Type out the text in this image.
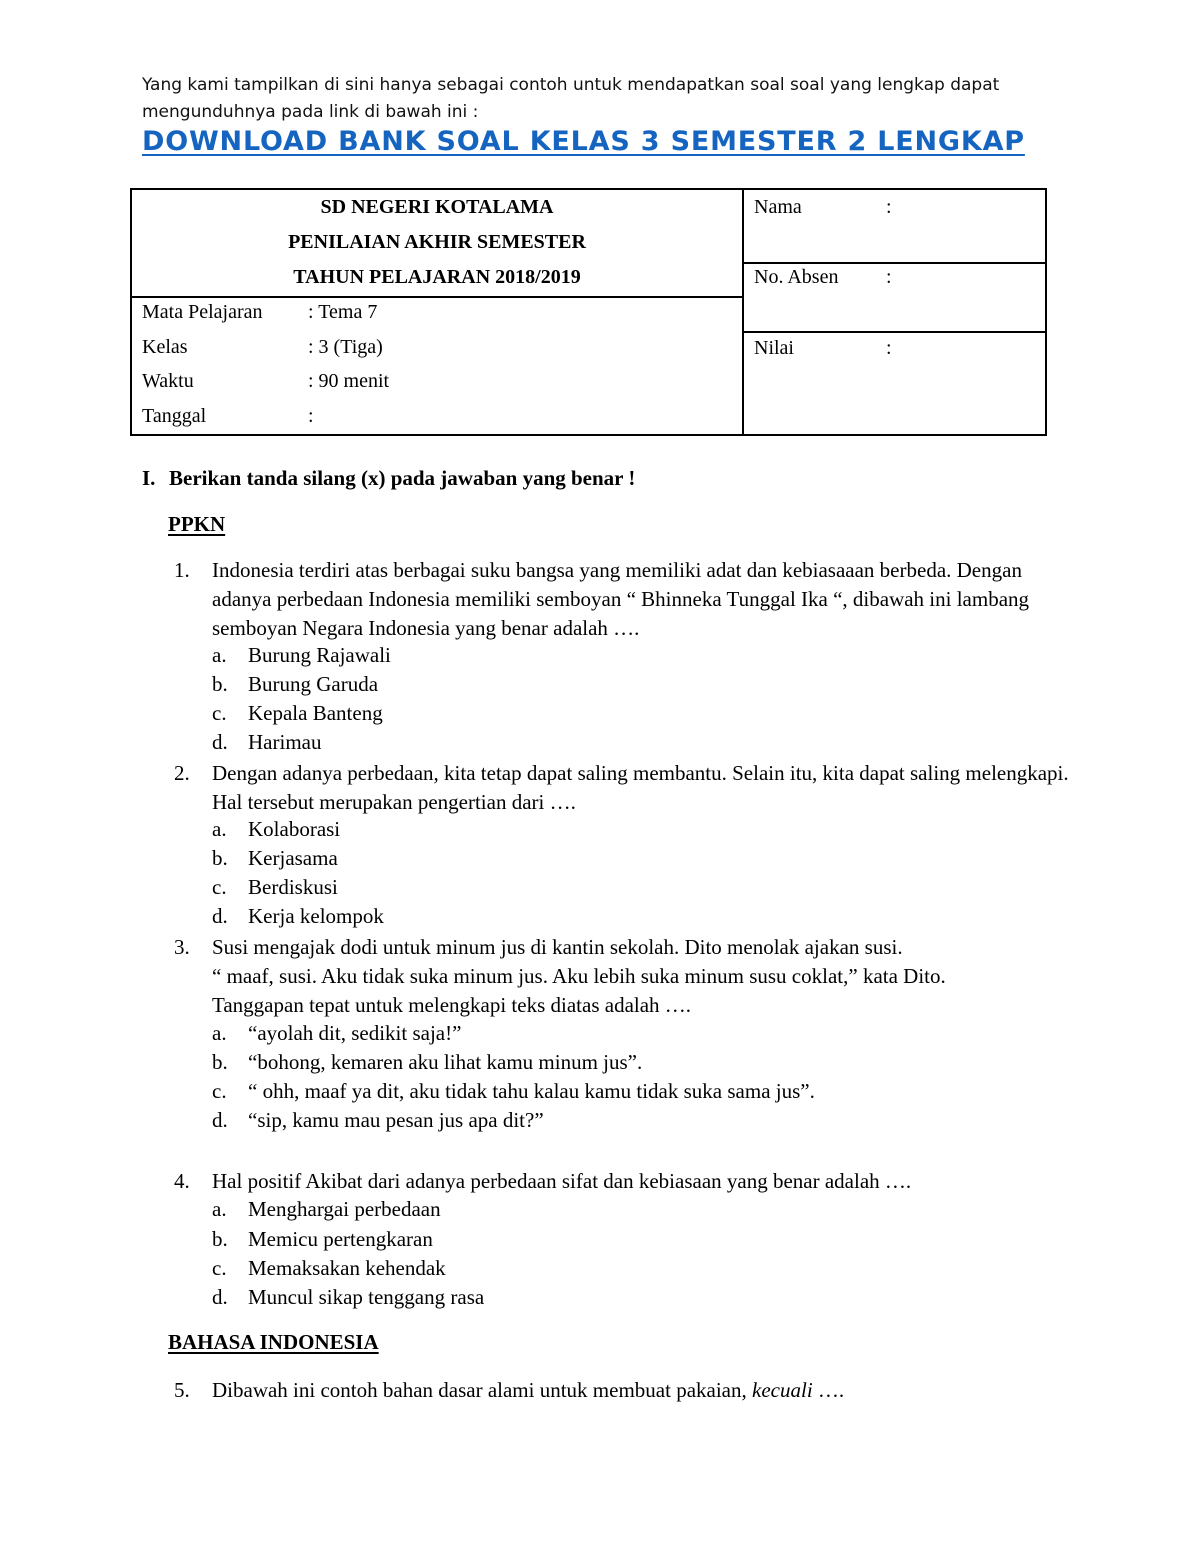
Yang kami tampilkan di sini hanya sebagai contoh untuk mendapatkan soal soal yang lengkap dapat mengunduhnya pada link di bawah ini :
DOWNLOAD BANK SOAL KELAS 3 SEMESTER 2 LENGKAP
SD NEGERI KOTALAMA
PENILAIAN AKHIR SEMESTER
TAHUN PELAJARAN 2018/2019
Mata Pelajaran : Tema 7
Kelas	: 3 (Tiga)
Waktu	: 90 menit
Tanggal	:
Nama	:
No. Absen :
Nilai	:
I. Berikan tanda silang (x) pada jawaban yang benar !
PPKN
1. Indonesia terdiri atas berbagai suku bangsa yang memiliki adat dan kebiasaaan berbeda. Dengan adanya perbedaan Indonesia memiliki semboyan “ Bhinneka Tunggal Ika “, dibawah ini lambang semboyan Negara Indonesia yang benar adalah ….
a. Burung Rajawali
b. Burung Garuda
c. Kepala Banteng
d. Harimau
2. Dengan adanya perbedaan, kita tetap dapat saling membantu. Selain itu, kita dapat saling melengkapi. Hal tersebut merupakan pengertian dari ….
a. Kolaborasi
b. Kerjasama
c. Berdiskusi
d. Kerja kelompok
3. Susi mengajak dodi untuk minum jus di kantin sekolah. Dito menolak ajakan susi.
“ maaf, susi. Aku tidak suka minum jus. Aku lebih suka minum susu coklat,” kata Dito.
Tanggapan tepat untuk melengkapi teks diatas adalah ….
a. “ayolah dit, sedikit saja!”
b. “bohong, kemaren aku lihat kamu minum jus”.
c. “ ohh, maaf ya dit, aku tidak tahu kalau kamu tidak suka sama jus”.
d. “sip, kamu mau pesan jus apa dit?”
4. Hal positif Akibat dari adanya perbedaan sifat dan kebiasaan yang benar adalah ….
a. Menghargai perbedaan
b. Memicu pertengkaran
c. Memaksakan kehendak
d. Muncul sikap tenggang rasa
BAHASA INDONESIA
5. Dibawah ini contoh bahan dasar alami untuk membuat pakaian, kecuali ….
